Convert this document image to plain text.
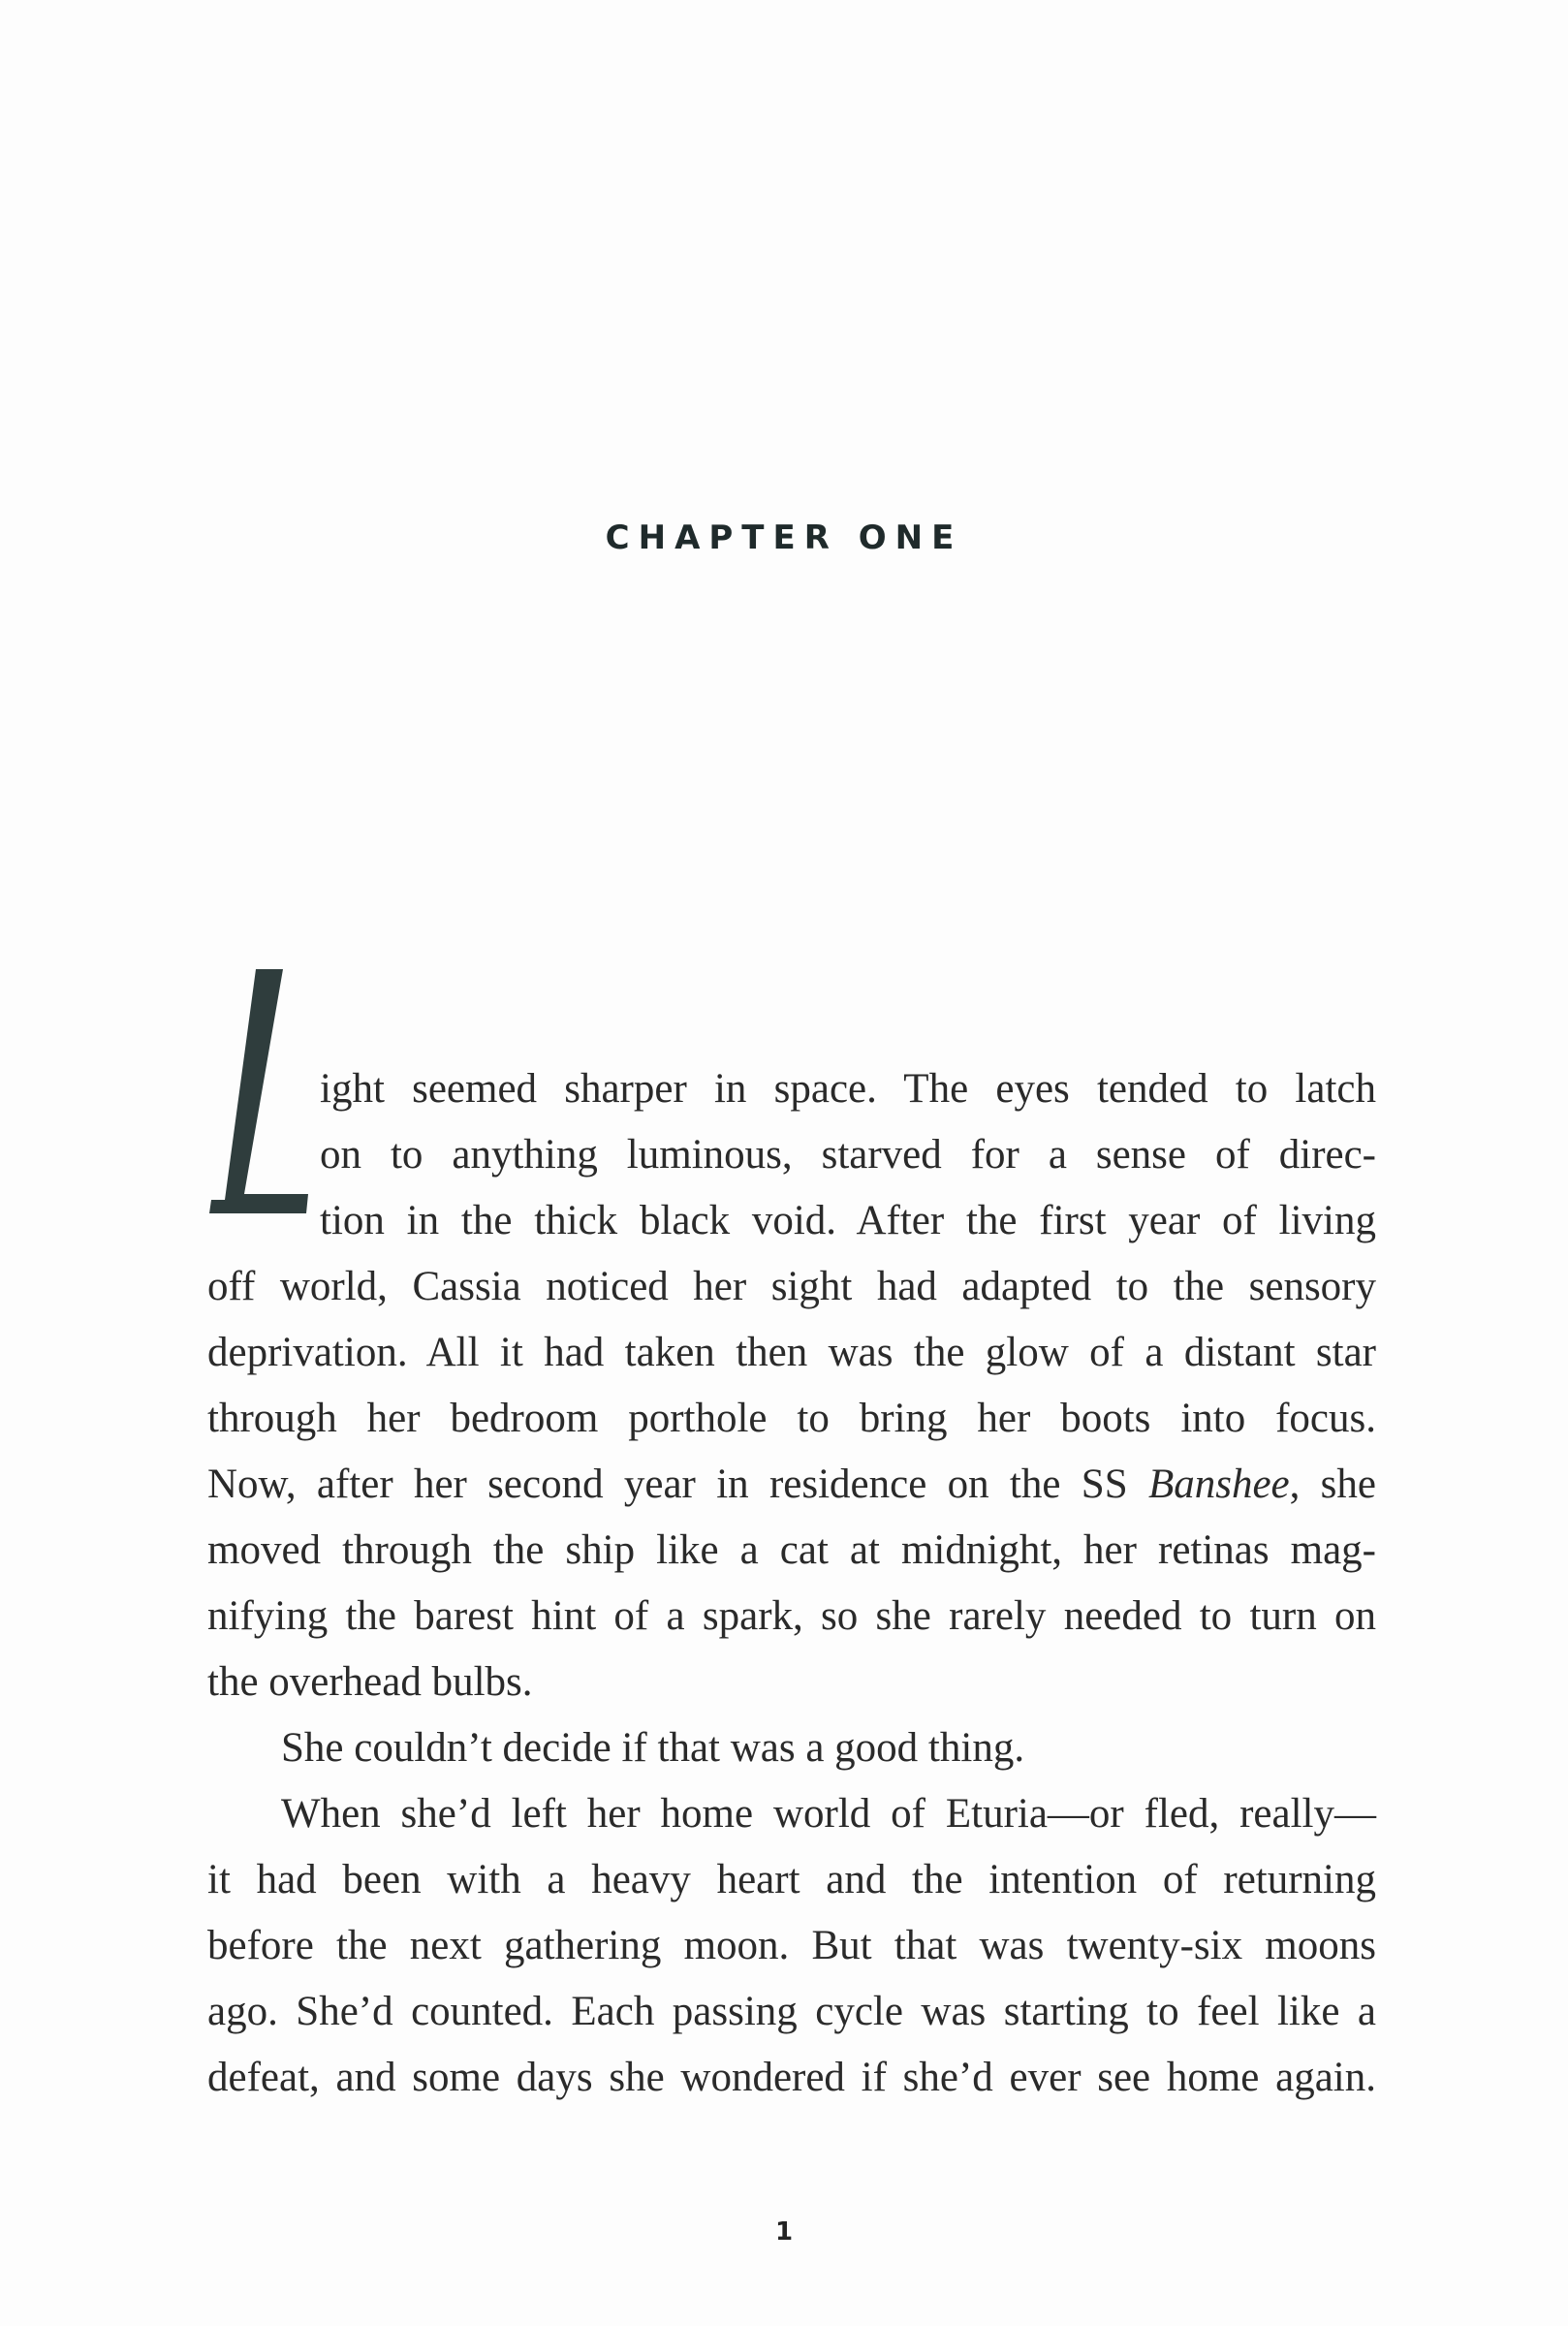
CHAPTER ONE
ight seemed sharper in space. The eyes tended to latch
on to anything luminous, starved for a sense of direc-
tion in the thick black void. After the first year of living
off world, Cassia noticed her sight had adapted to the sensory
deprivation. All it had taken then was the glow of a distant star
through her bedroom porthole to bring her boots into focus.
Now, after her second year in residence on the SS Banshee, she
moved through the ship like a cat at midnight, her retinas mag-
nifying the barest hint of a spark, so she rarely needed to turn on
the overhead bulbs.
She couldn’t decide if that was a good thing.
When she’d left her home world of Eturia—or fled, really—
it had been with a heavy heart and the intention of returning
before the next gathering moon. But that was twenty-six moons
ago. She’d counted. Each passing cycle was starting to feel like a
defeat, and some days she wondered if she’d ever see home again.
1
